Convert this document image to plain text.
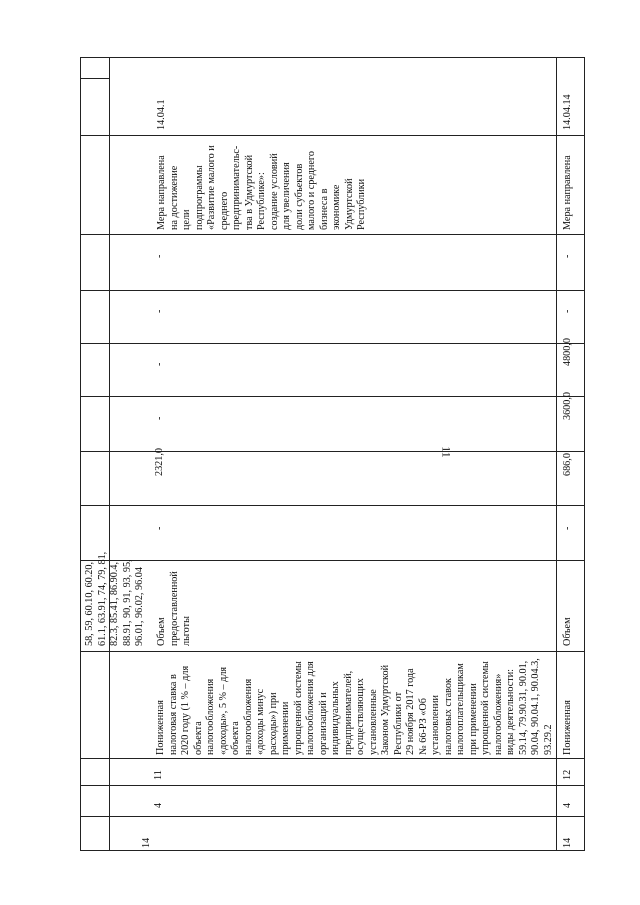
11
58, 59, 60.10, 60.20,
61.1, 63.91, 74, 79, 81,
82.3, 85.41, 86.90.4,
88.91, 90, 91, 93, 95,
96.01, 96.02, 96.04
14
4
11
Пониженная
налоговая ставка в
2020 году (1 % – для
объекта
налогообложения
«доходы», 5 % – для
объекта
налогообложения
«доходы минус
расходы») при
применении
упрощенной системы
налогообложения для
организаций и
индивидуальных
предпринимателей,
осуществляющих
установленные
Законом Удмуртской
Республики от
29 ноября 2017 года
№ 66-РЗ «Об
установлении
налоговых ставок
налогоплательщикам
при применении
упрощенной системы
налогообложения»
виды деятельности:
59.14, 79.90.31, 90.01,
90.04, 90.04.1, 90.04.3,
93.29.2
Объем
предоставленной
льготы
-
2321,0
-
-
-
-
Мера направлена
на достижение
цели
подпрограммы
«Развитие малого и
среднего
предпринимательс-
тва в Удмуртской
Республике»:
создание условий
для увеличения
доли субъектов
малого и среднего
бизнеса в
экономике
Удмуртской
Республики
14.04.1
14
4
12
Пониженная
Объем
-
686,0
3600,0
4800,0
-
-
Мера направлена
14.04.14
